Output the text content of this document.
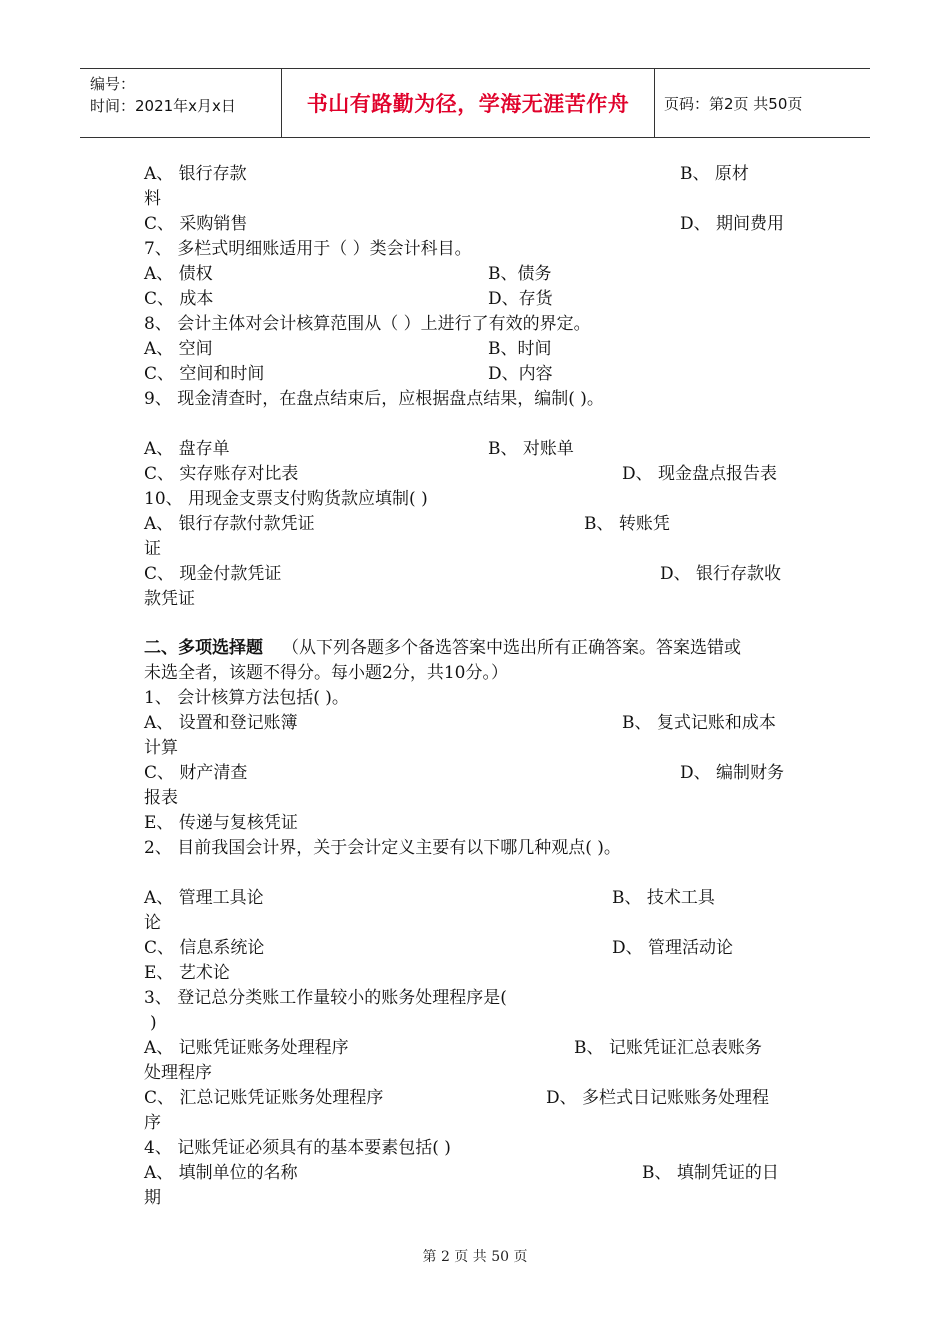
编号：
时间：2021年x月x日	书山有路勤为径，学海无涯苦作舟	页码：第2页 共50页
A、 银行存款	B、 原材
料
C、 采购销售	D、 期间费用
7、 多栏式明细账适用于（ ）类会计科目。
A、 债权	B、债务
C、 成本	D、存货
8、 会计主体对会计核算范围从（ ）上进行了有效的界定。
A、 空间	B、时间
C、 空间和时间	D、内容
9、 现金清查时，在盘点结束后，应根据盘点结果，编制( )。
A、 盘存单	B、 对账单
C、 实存账存对比表	D、 现金盘点报告表
10、 用现金支票支付购货款应填制( )
A、 银行存款付款凭证	B、 转账凭
证
C、 现金付款凭证	D、 银行存款收
款凭证
二、多项选择题 （从下列各题多个备选答案中选出所有正确答案。答案选错或
未选全者，该题不得分。每小题2分，共10分。）
1、 会计核算方法包括( )。
A、 设置和登记账簿	B、 复式记账和成本
计算
C、 财产清查	D、 编制财务
报表
E、 传递与复核凭证
2、 目前我国会计界，关于会计定义主要有以下哪几种观点( )。
A、 管理工具论	B、 技术工具
论
C、 信息系统论	D、 管理活动论
E、 艺术论
3、 登记总分类账工作量较小的账务处理程序是(
)
A、 记账凭证账务处理程序	B、 记账凭证汇总表账务
处理程序
C、 汇总记账凭证账务处理程序	D、 多栏式日记账账务处理程
序
4、 记账凭证必须具有的基本要素包括( )
A、 填制单位的名称	B、 填制凭证的日
期
第 2 页 共 50 页
